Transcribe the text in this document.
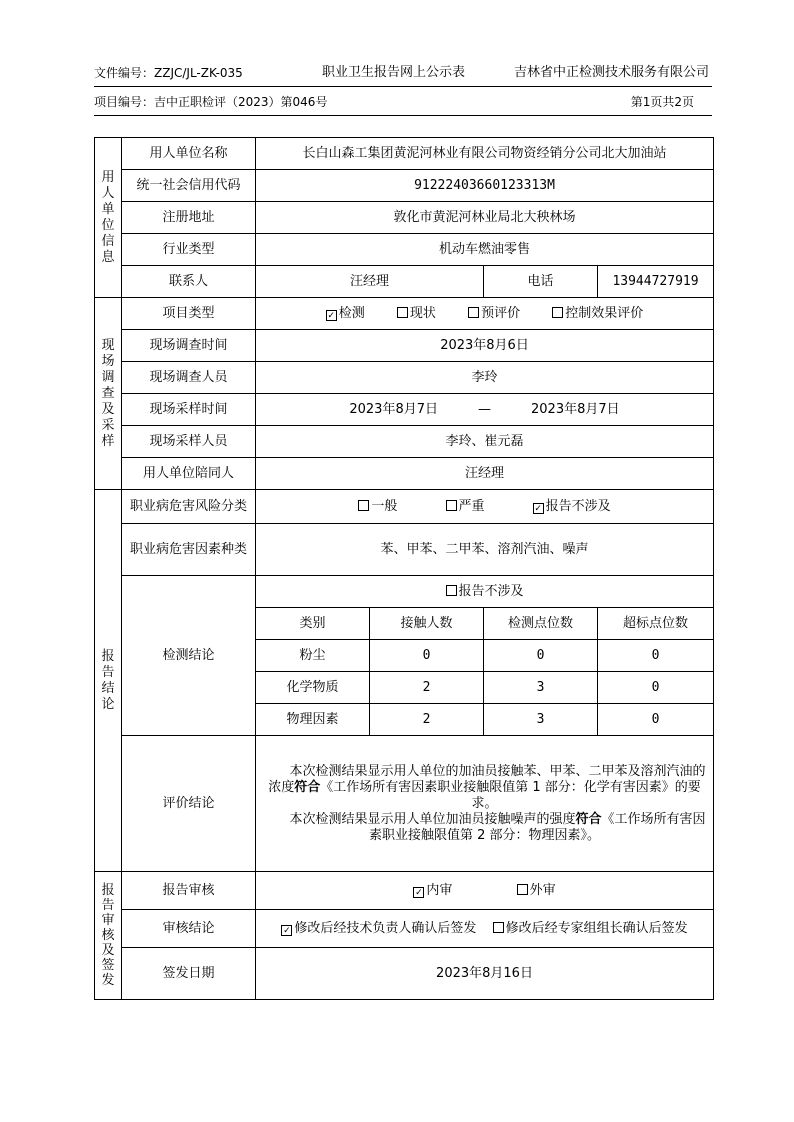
文件编号：ZZJC/JL-ZK-035	职业卫生报告网上公示表	吉林省中正检测技术服务有限公司
项目编号：吉中正职检评（2023）第046号	第1页共2页
用人单位信息	用人单位名称	长白山森工集团黄泥河林业有限公司物资经销分公司北大加油站			
	统一社会信用代码	91222403660123313M			
	注册地址	敦化市黄泥河林业局北大秧林场			
	行业类型	机动车燃油零售			
	联系人	汪经理		电话	13944727919
现场调查及采样	项目类型	✓检测 现状 预评价 控制效果评价
	现场调查时间	2023年8月6日			
	现场调查人员	李玲			
	现场采样时间	2023年8月7日 — 2023年8月7日			
	现场采样人员	李玲、崔元磊			
	用人单位陪同人	汪经理			
报告结论	职业病危害风险分类	一般 严重 ✓ 报告不涉及
	职业病危害因素种类	苯、甲苯、二甲苯、溶剂汽油、噪声			
	检测结论	报告不涉及			
		类别	接触人数	检测点位数	超标点位数
		粉尘	0	0	0
		化学物质	2	3	0
		物理因素	2	3	0
	评价结论	本次检测结果显示用人单位的加油员接触苯、甲苯、二甲苯及溶剂汽油的浓度符合《工作场所有害因素职业接触限值第 1 部分：化学有害因素》的要求。

本次检测结果显示用人单位加油员接触噪声的强度符合《工作场所有害因素职业接触限值第 2 部分：物理因素》。			

报告审核及签发	报告审核	✓内审 外审
	审核结论	✓修改后经技术负责人确认后签发 修改后经专家组组长确认后签发
	签发日期	2023年8月16日			
